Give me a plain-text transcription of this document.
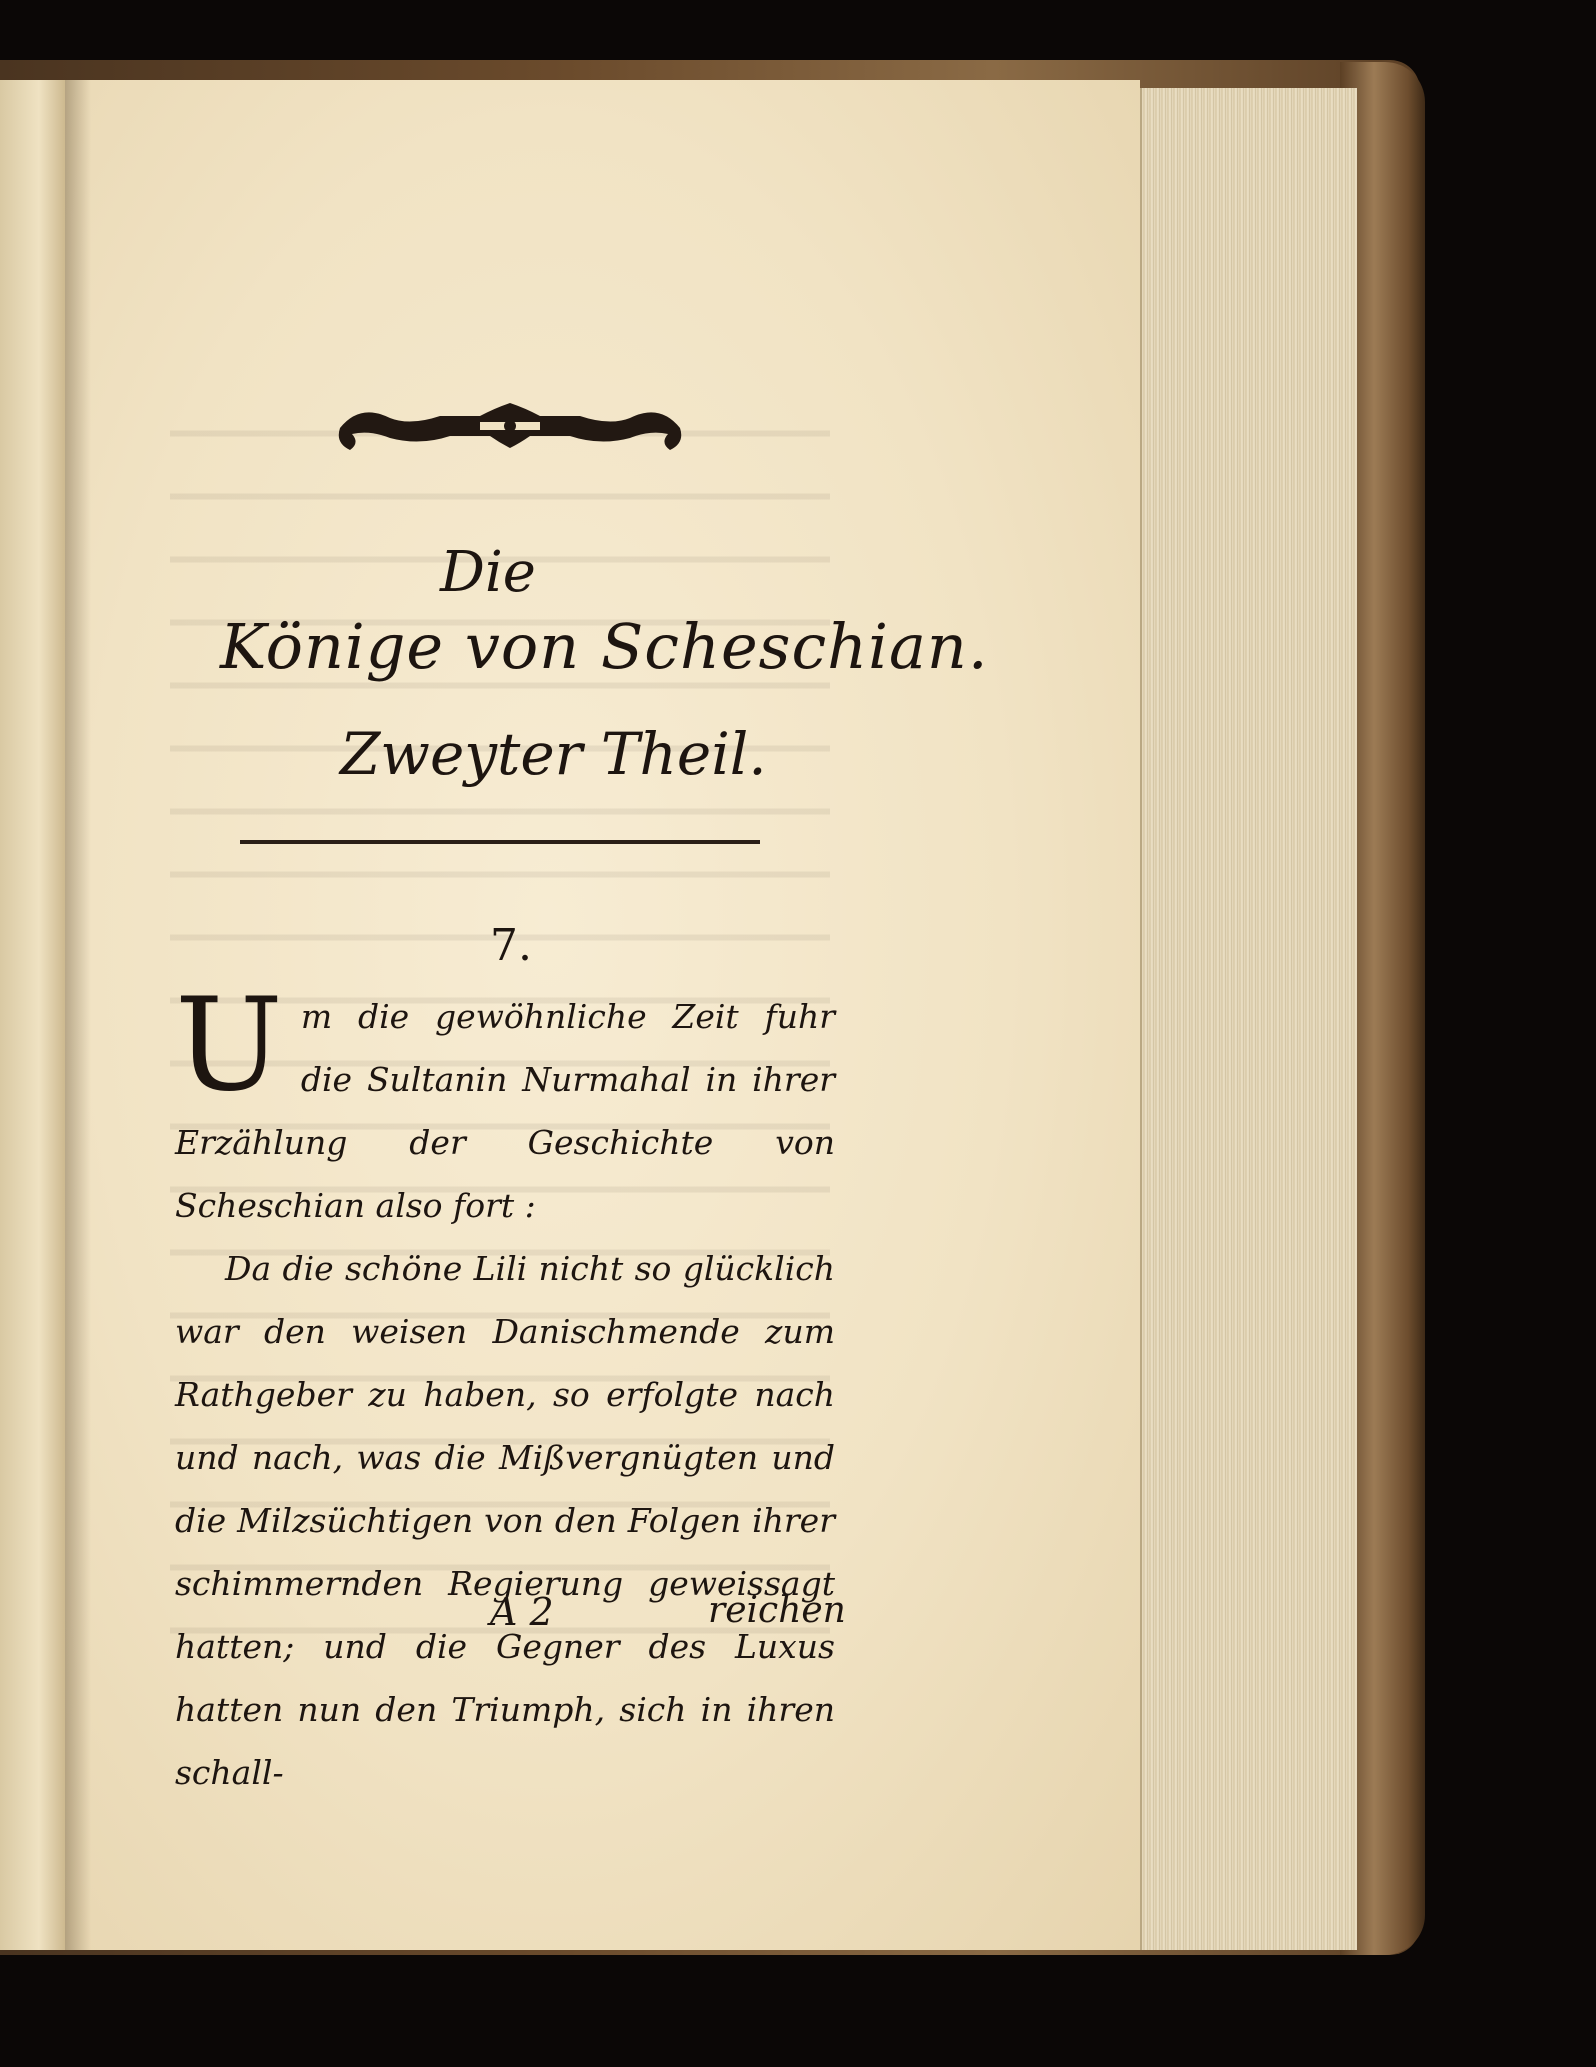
Die
Könige von Scheschian.
Zweyter Theil.
7.

Um die gewöhnliche Zeit fuhr die Sultanin Nurmahal in ihrer Erzählung der Geschichte von Scheschian also fort :

Da die schöne Lili nicht so glücklich war den weisen Danischmende zum Rathgeber zu haben, so erfolgte nach und nach, was die Mißvergnügten und die Milzsüchtigen von den Folgen ihrer schimmernden Regierung geweissagt hatten; und die Gegner des Luxus hatten nun den Triumph, sich in ihren schall-

A 2	reichen
